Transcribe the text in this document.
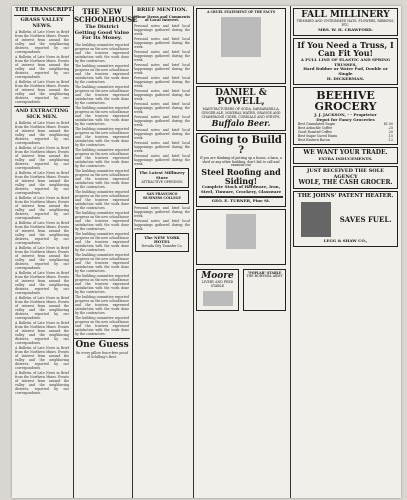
THE TRANSCRIPT.
GRASS VALLEY NEWS.
A Bulletin of Late News in Brief from the Northern Mines. Events of interest from around the valley and the neighboring districts, reported by our correspondents.
A Bulletin of Late News in Brief from the Northern Mines. Events of interest from around the valley and the neighboring districts, reported by our correspondents.
A Bulletin of Late News in Brief from the Northern Mines. Events of interest from around the valley and the neighboring districts, reported by our correspondents.
AND EXTRACTING SICK MEN.
A Bulletin of Late News in Brief from the Northern Mines. Events of interest from around the valley and the neighboring districts, reported by our correspondents.
A Bulletin of Late News in Brief from the Northern Mines. Events of interest from around the valley and the neighboring districts, reported by our correspondents.
A Bulletin of Late News in Brief from the Northern Mines. Events of interest from around the valley and the neighboring districts, reported by our correspondents.
A Bulletin of Late News in Brief from the Northern Mines. Events of interest from around the valley and the neighboring districts, reported by our correspondents.
A Bulletin of Late News in Brief from the Northern Mines. Events of interest from around the valley and the neighboring districts, reported by our correspondents.
A Bulletin of Late News in Brief from the Northern Mines. Events of interest from around the valley and the neighboring districts, reported by our correspondents.
A Bulletin of Late News in Brief from the Northern Mines. Events of interest from around the valley and the neighboring districts, reported by our correspondents.
A Bulletin of Late News in Brief from the Northern Mines. Events of interest from around the valley and the neighboring districts, reported by our correspondents.
A Bulletin of Late News in Brief from the Northern Mines. Events of interest from around the valley and the neighboring districts, reported by our correspondents.
A Bulletin of Late News in Brief from the Northern Mines. Events of interest from around the valley and the neighboring districts, reported by our correspondents.
A Bulletin of Late News in Brief from the Northern Mines. Events of interest from around the valley and the neighboring districts, reported by our correspondents.
THE NEW SCHOOLHOUSE
The District Getting Good Value For Its Money.
The building committee reported progress on the new schoolhouse and the trustees expressed satisfaction with the work done by the contractors.
The building committee reported progress on the new schoolhouse and the trustees expressed satisfaction with the work done by the contractors.
The building committee reported progress on the new schoolhouse and the trustees expressed satisfaction with the work done by the contractors.
The building committee reported progress on the new schoolhouse and the trustees expressed satisfaction with the work done by the contractors.
The building committee reported progress on the new schoolhouse and the trustees expressed satisfaction with the work done by the contractors.
The building committee reported progress on the new schoolhouse and the trustees expressed satisfaction with the work done by the contractors.
The building committee reported progress on the new schoolhouse and the trustees expressed satisfaction with the work done by the contractors.
The building committee reported progress on the new schoolhouse and the trustees expressed satisfaction with the work done by the contractors.
The building committee reported progress on the new schoolhouse and the trustees expressed satisfaction with the work done by the contractors.
The building committee reported progress on the new schoolhouse and the trustees expressed satisfaction with the work done by the contractors.
The building committee reported progress on the new schoolhouse and the trustees expressed satisfaction with the work done by the contractors.
The building committee reported progress on the new schoolhouse and the trustees expressed satisfaction with the work done by the contractors.
The building committee reported progress on the new schoolhouse and the trustees expressed satisfaction with the work done by the contractors.
The building committee reported progress on the new schoolhouse and the trustees expressed satisfaction with the work done by the contractors.
One Guess
Be every pillow fence-free proof of Schilling's Best.
BRIEF MENTION.
Minor Items and Comments of Local Interest.
Personal notes and brief local happenings gathered during the week.
Personal notes and brief local happenings gathered during the week.
Personal notes and brief local happenings gathered during the week.
Personal notes and brief local happenings gathered during the week.
Personal notes and brief local happenings gathered during the week.
Personal notes and brief local happenings gathered during the week.
Personal notes and brief local happenings gathered during the week.
Personal notes and brief local happenings gathered during the week.
Personal notes and brief local happenings gathered during the week.
Personal notes and brief local happenings gathered during the week.
Personal notes and brief local happenings gathered during the week.
The Latest Millinery Store
ATTRACTIVE OPENINGS
SAN FRANCISCO BUSINESS COLLEGE
Personal notes and brief local happenings gathered during the week.
Personal notes and brief local happenings gathered during the week.
The NEW YORK HOTEL
Nevada City Transfer Co.
A CRUEL STATEMENT OF THE FACTS
DANIEL & POWELL,
MANUFACTURERS OF SODA, SARSAPARILLA, GINGER ALE, MINERAL WATER, ORANGE AND CHAMPAGNE CIDER, CORDIALS AND SYRUPS.
Buffalo Beer.
Going to Build ?
If you are thinking of putting up a house, a barn, a shed or any other building, don't fail to call and examine our
Steel Roofing and Siding!
Complete Stock of Hardware, Iron, Steel, Tinware, Crockery, Glassware
GEO. E. TURNER, Pine St.
Moore
LIVERY AND FEED STABLE
"POPLAR" STABLE
THE BOHEMIA ARMY
FALL MILLINERY
TRIMMED AND UNTRIMMED HATS, FLOWERS, RIBBONS, ETC.
MRS. W. H. CRAWFORD.
If You Need a Truss, I Can Fit You!
A FULL LINE OF ELASTIC AND SPRING TRUSSES,
Hard Rubber or Water Pad, Double or Single
H. DICKERMAN.
BEEHIVE GROCERY
J. J. JACKSON, - - Proprietor
Depot for Fancy Groceries
Best Granulated Sugar	$1.00
Best Arbuckle Coffee	.25
Good Roasted Coffee	.20
Best Sugar Cured Hams	.15
Best Eastern Bacon	.12
WE WANT YOUR TRADE.
EXTRA INDUCEMENTS.
JUST RECEIVED THE SOLE AGENCY
WOLF, THE CASH GROCER.
THE JOHNS' PATENT HEATER.
SAVES FUEL.
LEGG & SHAW CO.,
